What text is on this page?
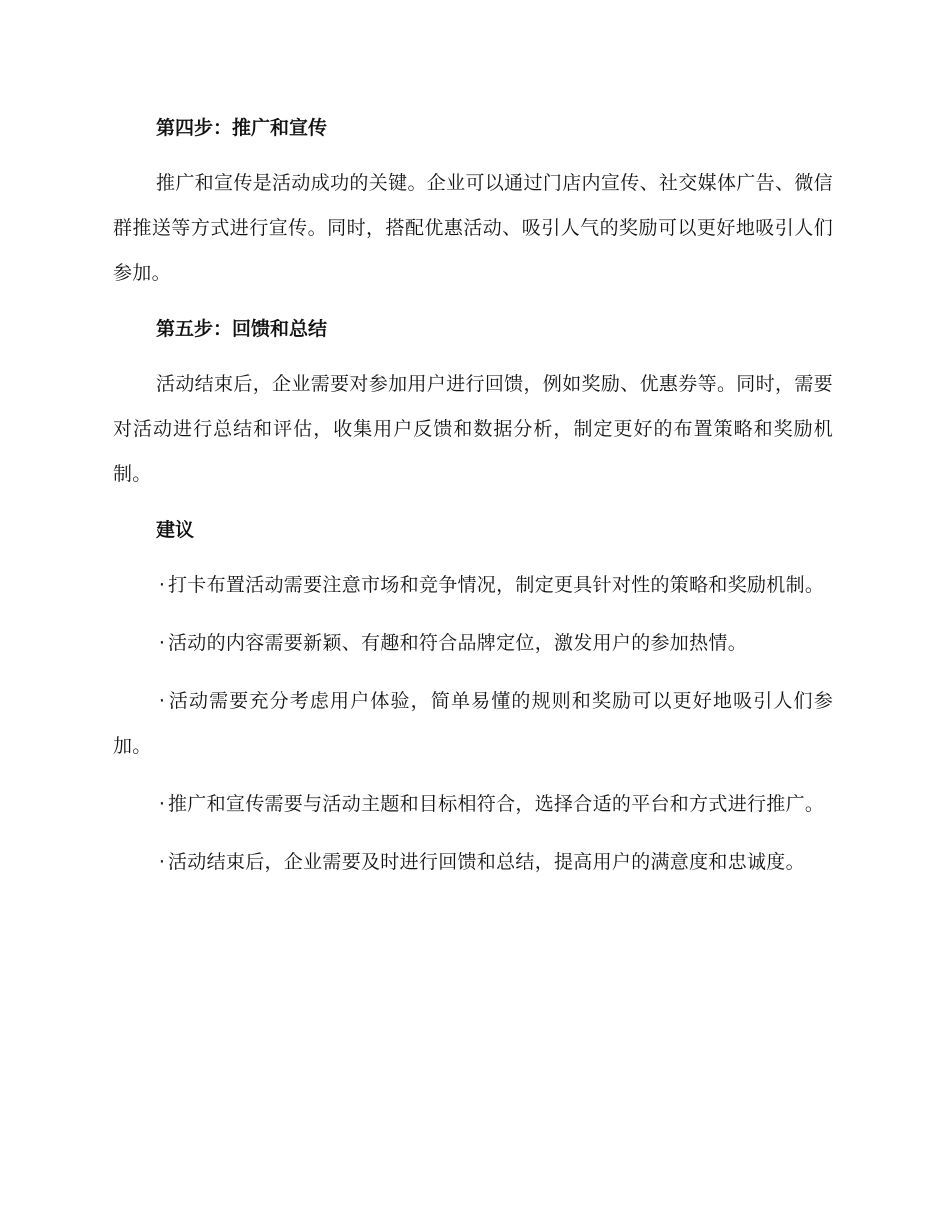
第四步：推广和宣传

推广和宣传是活动成功的关键。企业可以通过门店内宣传、社交媒体广告、微信群推送等方式进行宣传。同时，搭配优惠活动、吸引人气的奖励可以更好地吸引人们参加。

第五步：回馈和总结

活动结束后，企业需要对参加用户进行回馈，例如奖励、优惠券等。同时，需要对活动进行总结和评估，收集用户反馈和数据分析，制定更好的布置策略和奖励机制。

建议

· 打卡布置活动需要注意市场和竞争情况，制定更具针对性的策略和奖励机制。

· 活动的内容需要新颖、有趣和符合品牌定位，激发用户的参加热情。

· 活动需要充分考虑用户体验，简单易懂的规则和奖励可以更好地吸引人们参加。

· 推广和宣传需要与活动主题和目标相符合，选择合适的平台和方式进行推广。

· 活动结束后，企业需要及时进行回馈和总结，提高用户的满意度和忠诚度。
